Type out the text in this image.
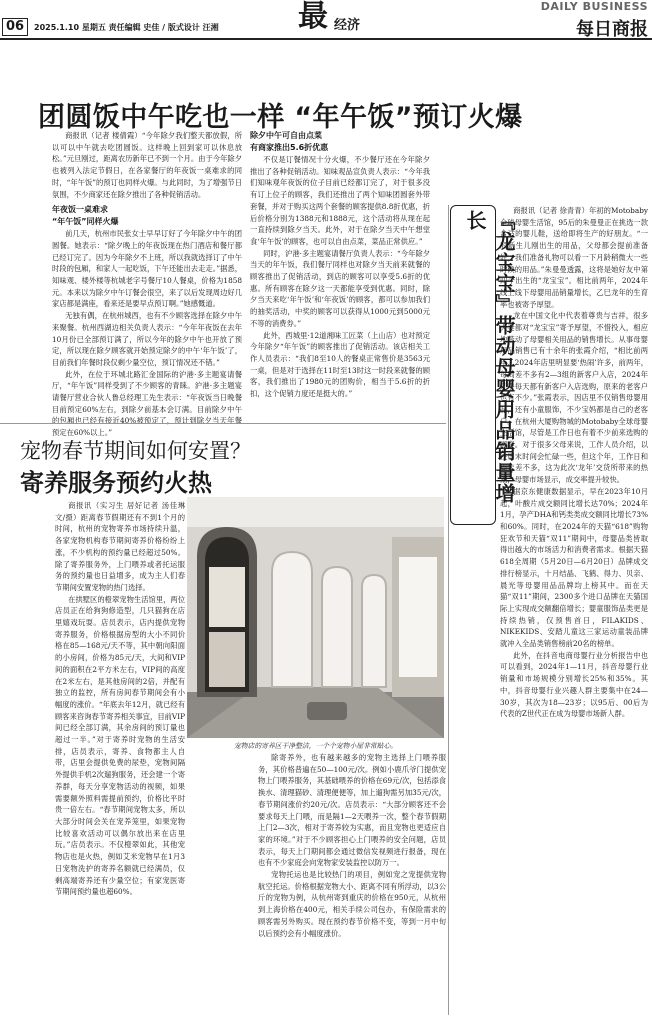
06	2025.1.10 星期五 责任编辑 史佳 / 版式设计 汪湘	最 经济
DAILY BUSINESS
每日商报
团圆饭中午吃也一样 “年午饭”预订火爆

商报讯（记者 楼倩霞）“今年除夕我们整天都放假，所以可以中午就去吃团圆饭。这样晚上回到家可以休息放松。”元旦刚过，距离农历新年已不到一个月。由于今年除夕也被列入法定节假日，在各家餐厅的年夜饭一桌难求的同时，“年午饭”的预订也同样火爆。与此同时，为了增强节日氛围，不少商家还在除夕推出了各种促销活动。

年夜饭一桌难求
“年午饭”同样火爆

前几天，杭州市民张女士早早订好了今年除夕中午的团圆餐。她表示：“除夕晚上的年夜饭现在热门酒店和餐厅都已经订完了。因为今年除夕不上班，所以我就选择订了中午时段的包厢，和家人一起吃饭，下午还能出去走走。”据悉，知味观、楼外楼等杭城老字号餐厅10人餐桌，价格为1858元。本来以为除夕中午订餐会很空，来了以后发现周边好几家店都是满座，看来还是要早点预订啊。”她感慨道。

无独有偶，在杭州城西，也有不少顾客选择在除夕中午来聚餐。杭州西湖边相关负责人表示：“今年年夜饭在去年10月份已全部预订满了，所以今年的除夕中午也开放了预定，所以现在除夕顾客就开始预定除夕的中午‘年午饭’了，目前我们年餐时段仅剩少量空位，预订情况还不错。”

此外，在位于环城北路汇金国际的沪港·多主题宴请餐厅，“年午饭”同样受到了不少顾客的青睐。沪港·多主题宴请餐厅营业合伙人鲁总经理工先生表示：“年夜饭当日晚餐目前预定60%左右，到除夕前基本会订满。目前除夕中午的包厢也已经有接近40%被预定了，预计到除夕当天年餐预定在60%以上。”

除夕中午可自由点菜
有商家推出5.6折优惠

不仅是订餐情况十分火爆，不少餐厅还在今年除夕推出了各种促销活动。知味观品宣负责人表示：“今年我们知味观年夜饭的位子目前已经都订完了，对于很多没有订上位子的顾客，我们还推出了两个知味团圆套外带套餐，并对于购买这两个套餐的顾客提供8.8折优惠，折后价格分别为1388元和1888元，这个活动将从现在起一直持续到除夕当天。此外，对于在除夕当天中午想堂食‘年午饭’的顾客，也可以自由点菜，菜品正常供应。”

同时，沪港·多主题宴请餐厅负责人表示：“今年除夕当天的年午饭，我们餐厅同样也对除夕当天前来就餐的顾客推出了促销活动，到店的顾客可以享受5.6折的优惠。所有顾客在除夕这一天都能享受到优惠。同时，除夕当天来吃‘年午饭’和‘年夜饭’的顾客，都可以参加我们的抽奖活动，中奖的顾客可以获得从1000元到5000元不等的消费券。”

此外，西城里·12道湘味工匠菜（上山店）也对预定今年除夕“年午饭”的顾客推出了促销活动。该店相关工作人员表示：“我们8至10人的餐桌正常售价是3563元一桌，但是对于选择在11时至13时这一时段来就餐的顾客，我们推出了1980元的团购价，相当于5.6折的折扣，这个促销力度还是挺大的。”	『龙宝宝』带动母婴用品销量增长	商报讯（记者 徐青青）年初的Motobaby全球母婴生活馆，95后的朱曼曼正在挑选一款合适的婴儿鞋，送给即将生产的好朋友。“一般新生儿刚出生的用品，父母都会提前准备好，我们准备礼物可以看一下月龄稍微大一些时候的用品。”朱曼曼透露，这将是她好友中第四个出生的“龙宝宝”。相比前两年，2024年线上线下母婴用品销量增长，乙巳龙年的生育率也被寄予厚望。

龙在中国文化中代表着尊贵与吉祥，很多夫妻都对“龙宝宝”寄予厚望，不惜投入，相应地带动了母婴相关用品的销售增长。从事母婴用品销售已有十余年的张霞介绍，“相比前两年，2024年店里明显要‘热闹’许多，前两年，每周差不多有2—3组的新客户入店，2024年几乎每天都有新客户入店选购，原来的老客户也有不少。”张霞表示，因店里不仅销售母婴用品，还有小童服饰，不少宝妈都是自己的老客户。在杭州大厦购物城的Motobaby全球母婴生活馆，尽管是工作日也有着不少前来选购的顾客。对于很多父母来说，工作人员介绍，以往周末时间会忙碌一些，但这个年，工作日和周末差不多，这为此次‘龙年’交货所带来的热潮，母婴市场显示，成交率提升较快。

据京东健康数据显示，早在2023年10月起，叶酸片成交额同比增长达70%；2024年1月，孕产DHA和钙类类成交额同比增长73%和60%。同时，在2024年的天猫“618”购物狂欢节和天猫“双11”期间中，母婴品类皆取得出越大的市场活力和消费者需求。根据天猫618全周期（5月20日—6月20日）品牌成交排行榜显示，十月结晶、飞鹤、得力、贝亲、晨光等母婴用品品牌均上榜其中。而在天猫“双11”期间，2300多个进口品牌在天猫国际上实现成交额翻倍增长；婴童服饰品类更是持续热销，仅预售首日，FILAKIDS、NIKEKIDS、安踏儿童这三家运动童装品牌就冲入全品类销售榜前20名的榜单。

此外，在抖音电商母婴行业分析报告中也可以看到，2024年1—11月，抖音母婴行业销量和市场规模分别增长25%和35%。其中，抖音母婴行业兴趣人群主要集中在24—30岁，其次为18—23岁；以95后、00后为代表的Z世代正在成为母婴市场新人群。

宠物春节期间如何安置？
寄养服务预约火热

商报讯（实习生 居好记者 汤佳琳 文/摄）距离春节假期还有不到1个月的时间，杭州的宠物寄养市场持续升温，各家宠物机构春节期间寄养价格纷纷上涨，不少机构的预约量已经超过50%。除了寄养服务外，上门喂养或者托运服务的预约量也日益增多，成为主人们春节期间安置宠物的热门选择。

在拱墅区的橙翠宠物生活馆里，两位店员正在给狗狗修造型，几只猫狗在店里嬉戏玩耍。店员表示，店内提供宠物寄养服务，价格根据房型的大小不同价格在85—168元/天不等，其中朝向阳面的小房间，价格为85元/天，大间和VIP间的面积在2平方米左右，VIP间的高度在2米左右，是其他房间的2倍，并配有独立的监控，所有房间春节期间会有小幅度的涨价。“年底去年12月，就已经有顾客来咨询春节寄养相关事宜，目前VIP间已经全部订满，其余房间的预订量也超过一半。”对于寄养时宠物的生活安排，店员表示，寄养、食物都主人自带，店里会提供免费的尿垫，宠物间隔外提供手机2次遛狗服务，还会建一个寄养群，每天分享宠物活动的视频，如果需要额外照料需提前预约，价格比平时贵一倍左右。“春节期间宠物太多，所以大部分时间会关在宠养笼里，如果宠物比较喜欢活动可以偶尔放出来在店里玩。”店员表示。不仅橙翠如此，其他宠物店也是火热，例如艾米宠物早在1月3日宠物洗护的寄养名额就已经满员，仅剩高端寄养还有少量空位；有家宠医寄节期间预约量也超60%。

宠物店的寄养区干净整洁，一个个宠物小屋非常贴心。

除寄养外，也有越来越多的宠物主选择上门喂养服务，其价格普遍在50—100元/次。例如小鹿爪爷门提供宠物上门喂养服务，其基础喂养的价格在69元/次，包括添食换水、清理猫砂、清理便便等，加上遛狗需另加35元/次，春节期间涨价约20元/次。店员表示：“大部分顾客还不会要求每天上门喂，而是隔1—2天喂养一次，整个春节假期上门2—3次，相对于寄养较为实惠，而且宠物也更适应自家的环境。”对于不少顾客担心上门喂养的安全问题，店员表示，每天上门期间都会通过微信发视频进行报备，现在也有不少家庭会向宠物家安装监控以防万一。

宠物托运也是比较热门的项目，例如宠之宠提供宠物航空托运。价格根据宠物大小、距离不同有所浮动，以3公斤的宠物为例，从杭州寄到重庆的价格在950元，从杭州到上海价格在400元，相关手续公司包办，有保险需求的顾客需另外购买。现在预约春节价格不变，等到一月中旬以后预约会有小幅度涨价。
